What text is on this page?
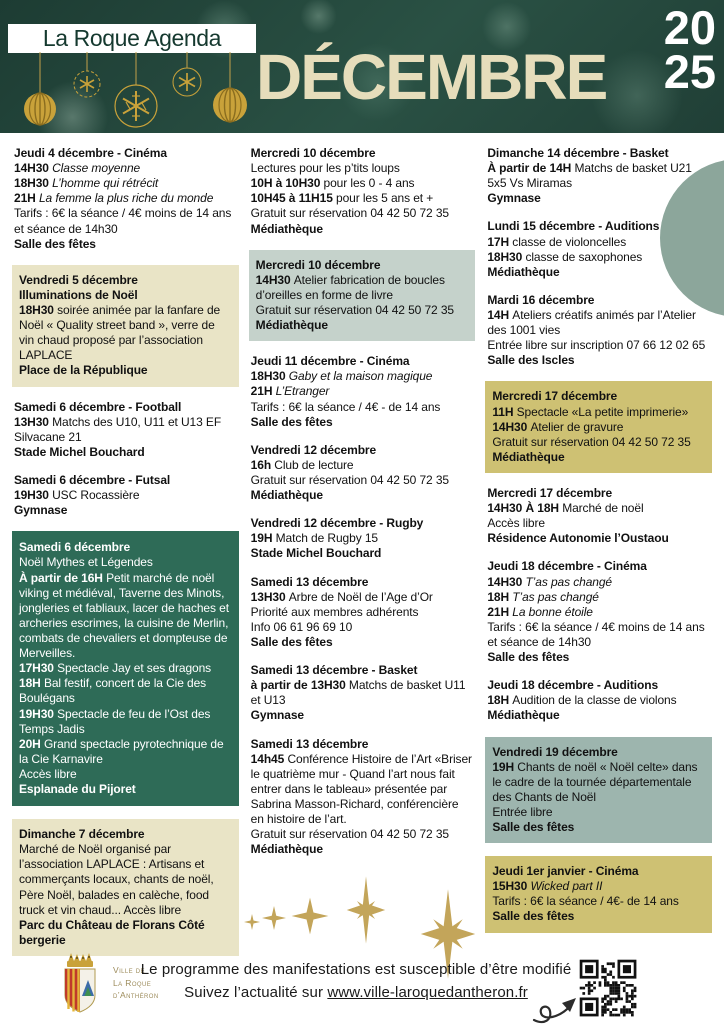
La Roque Agenda
DÉCEMBRE
20
25
Jeudi 4 décembre - Cinéma
14H30 Classe moyenne
18H30 L’homme qui rétrécit
21H La femme la plus riche du monde
Tarifs : 6€ la séance / 4€ moins de 14 ans et séance de 14h30
Salle des fêtes
Vendredi 5 décembre
Illuminations de Noël
18H30 soirée animée par la fanfare de Noël « Quality street band », verre de vin chaud proposé par l’association LAPLACE
Place de la République
Samedi 6 décembre - Football
13H30 Matchs des U10, U11 et U13 EF Silvacane 21
Stade Michel Bouchard
Samedi 6 décembre - Futsal
19H30 USC Rocassière
Gymnase
Samedi 6 décembre
Noël Mythes et Légendes
À partir de 16H Petit marché de noël viking et médiéval, Taverne des Minots, jongleries et fabliaux, lacer de haches et archeries escrimes, la cuisine de Merlin, combats de chevaliers et dompteuse de Merveilles.
17H30 Spectacle Jay et ses dragons
18H Bal festif, concert de la Cie des Boulégans
19H30 Spectacle de feu de l’Ost des Temps Jadis
20H Grand spectacle pyrotechnique de la Cie Karnavire
Accès libre
Esplanade du Pijoret
Dimanche 7 décembre
Marché de Noël organisé par l’association LAPLACE : Artisans et commerçants locaux, chants de noël, Père Noël, balades en calèche, food truck et vin chaud... Accès libre
Parc du Château de Florans Côté bergerie
Mercredi 10 décembre
Lectures pour les p’tits loups
10H à 10H30 pour les 0 - 4 ans
10H45 à 11H15 pour les 5 ans et +
Gratuit sur réservation 04 42 50 72 35
Médiathèque
Mercredi 10 décembre
14H30 Atelier fabrication de boucles d’oreilles en forme de livre
Gratuit sur réservation 04 42 50 72 35
Médiathèque
Jeudi 11 décembre - Cinéma
18H30 Gaby et la maison magique
21H L’Etranger
Tarifs : 6€ la séance / 4€ - de 14 ans
Salle des fêtes
Vendredi 12 décembre
16h Club de lecture
Gratuit sur réservation 04 42 50 72 35
Médiathèque
Vendredi 12 décembre - Rugby
19H Match de Rugby 15
Stade Michel Bouchard
Samedi 13 décembre
13H30 Arbre de Noël de l’Age d’Or
Priorité aux membres adhérents
Info 06 61 96 69 10
Salle des fêtes
Samedi 13 décembre - Basket
à partir de 13H30 Matchs de basket U11 et U13
Gymnase
Samedi 13 décembre
14h45 Conférence Histoire de l’Art «Briser le quatrième mur - Quand l’art nous fait entrer dans le tableau» présentée par Sabrina Masson-Richard, conférencière en histoire de l’art.
Gratuit sur réservation 04 42 50 72 35
Médiathèque
Dimanche 14 décembre - Basket
À partir de 14H Matchs de basket U21 5x5 Vs Miramas
Gymnase
Lundi 15 décembre - Auditions
17H classe de violoncelles
18H30 classe de saxophones
Médiathèque
Mardi 16 décembre
14H Ateliers créatifs animés par l’Atelier des 1001 vies
Entrée libre sur inscription 07 66 12 02 65
Salle des Iscles
Mercredi 17 décembre
11H Spectacle «La petite imprimerie»
14H30 Atelier de gravure
Gratuit sur réservation 04 42 50 72 35
Médiathèque
Mercredi 17 décembre
14H30 À 18H Marché de noël
Accès libre
Résidence Autonomie l’Oustaou
Jeudi 18 décembre - Cinéma
14H30 T’as pas changé
18H T’as pas changé
21H La bonne étoile
Tarifs : 6€ la séance / 4€ moins de 14 ans et séance de 14h30
Salle des fêtes
Jeudi 18 décembre - Auditions
18H Audition de la classe de violons
Médiathèque
Vendredi 19 décembre
19H Chants de noël « Noël celte» dans le cadre de la tournée départementale des Chants de Noël
Entrée libre
Salle des fêtes
Jeudi 1er janvier - Cinéma
15H30 Wicked part II
Tarifs : 6€ la séance / 4€- de 14 ans
Salle des fêtes
Ville de
La Roque
d’Anthéron
Le programme des manifestations est susceptible d’être modifié
Suivez l’actualité sur www.ville-laroquedantheron.fr
